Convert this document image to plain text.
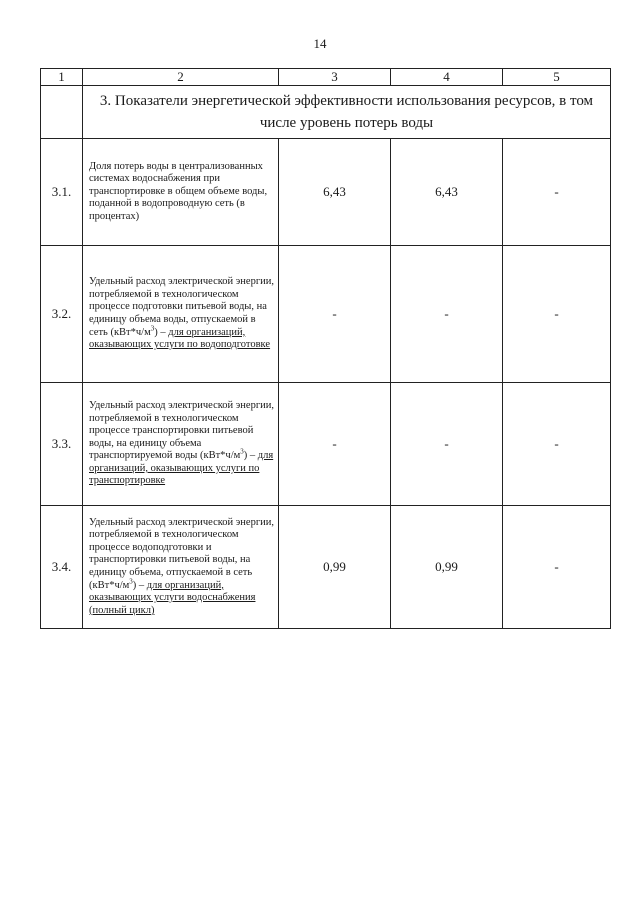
14
1	2	3	4	5
	3. Показатели энергетической эффективности использования ресурсов, в том числе уровень потерь воды			
3.1.	Доля потерь воды в централизованных системах водоснабжения при транспортировке в общем объеме воды, поданной в водопроводную сеть (в процентах)	6,43	6,43	-
3.2.	Удельный расход электрической энергии, потребляемой в технологическом процессе подготовки питьевой воды, на единицу объема воды, отпускаемой в сеть $(кВт*ч/м^3)$ – для организаций, оказывающих услуги по водоподготовке	-	-	-
3.3.	Удельный расход электрической энергии, потребляемой в технологическом процессе транспортировки питьевой воды, на единицу объема транспортируемой воды $(кВт*ч/м^3)$ – для организаций, оказывающих услуги по транспортировке	-	-	-
3.4.	Удельный расход электрической энергии, потребляемой в технологическом процессе водоподготовки и транспортировки питьевой воды, на единицу объема, отпускаемой в сеть $(кВт*ч/м^3)$ – для организаций, оказывающих услуги водоснабжения (полный цикл)	0,99	0,99	-
